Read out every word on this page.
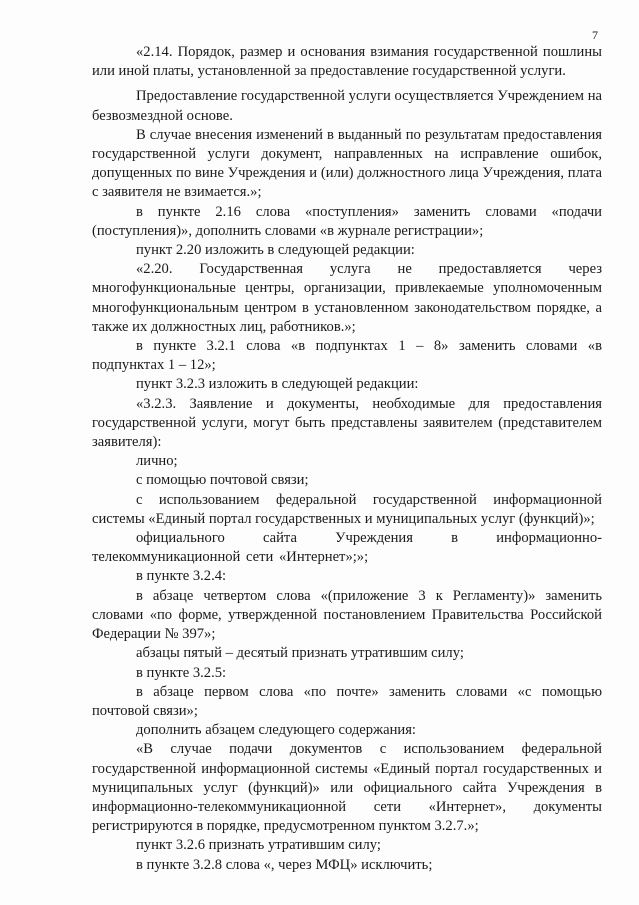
7

«2.14. Порядок, размер и основания взимания государственной пошлины или иной платы, установленной за предоставление государственной услуги.

Предоставление государственной услуги осуществляется Учреждением на безвозмездной основе.

В случае внесения изменений в выданный по результатам предоставления государственной услуги документ, направленных на исправление ошибок, допущенных по вине Учреждения и (или) должностного лица Учреждения, плата с заявителя не взимается.»;

в пункте 2.16 слова «поступления» заменить словами «подачи (поступления)», дополнить словами «в журнале регистрации»;

пункт 2.20 изложить в следующей редакции:

«2.20. Государственная услуга не предоставляется через многофункциональные центры, организации, привлекаемые уполномоченным многофункциональным центром в установленном законодательством порядке, а также их должностных лиц, работников.»;

в пункте 3.2.1 слова «в подпунктах 1 – 8» заменить словами «в подпунктах 1 – 12»;

пункт 3.2.3 изложить в следующей редакции:

«3.2.3. Заявление и документы, необходимые для предоставления государственной услуги, могут быть представлены заявителем (представителем заявителя):

лично;

с помощью почтовой связи;

с использованием федеральной государственной информационной системы «Единый портал государственных и муниципальных услуг (функций)»;

официального сайта Учреждения в информационно-телекоммуникационной сети «Интернет»;»;

в пункте 3.2.4:

в абзаце четвертом слова «(приложение 3 к Регламенту)» заменить словами «по форме, утвержденной постановлением Правительства Российской Федерации № 397»;

абзацы пятый – десятый признать утратившим силу;

в пункте 3.2.5:

в абзаце первом слова «по почте» заменить словами «с помощью почтовой связи»;

дополнить абзацем следующего содержания:

«В случае подачи документов с использованием федеральной государственной информационной системы «Единый портал государственных и муниципальных услуг (функций)» или официального сайта Учреждения в информационно-телекоммуникационной сети «Интернет», документы регистрируются в порядке, предусмотренном пунктом 3.2.7.»;

пункт 3.2.6 признать утратившим силу;

в пункте 3.2.8 слова «, через МФЦ» исключить;
